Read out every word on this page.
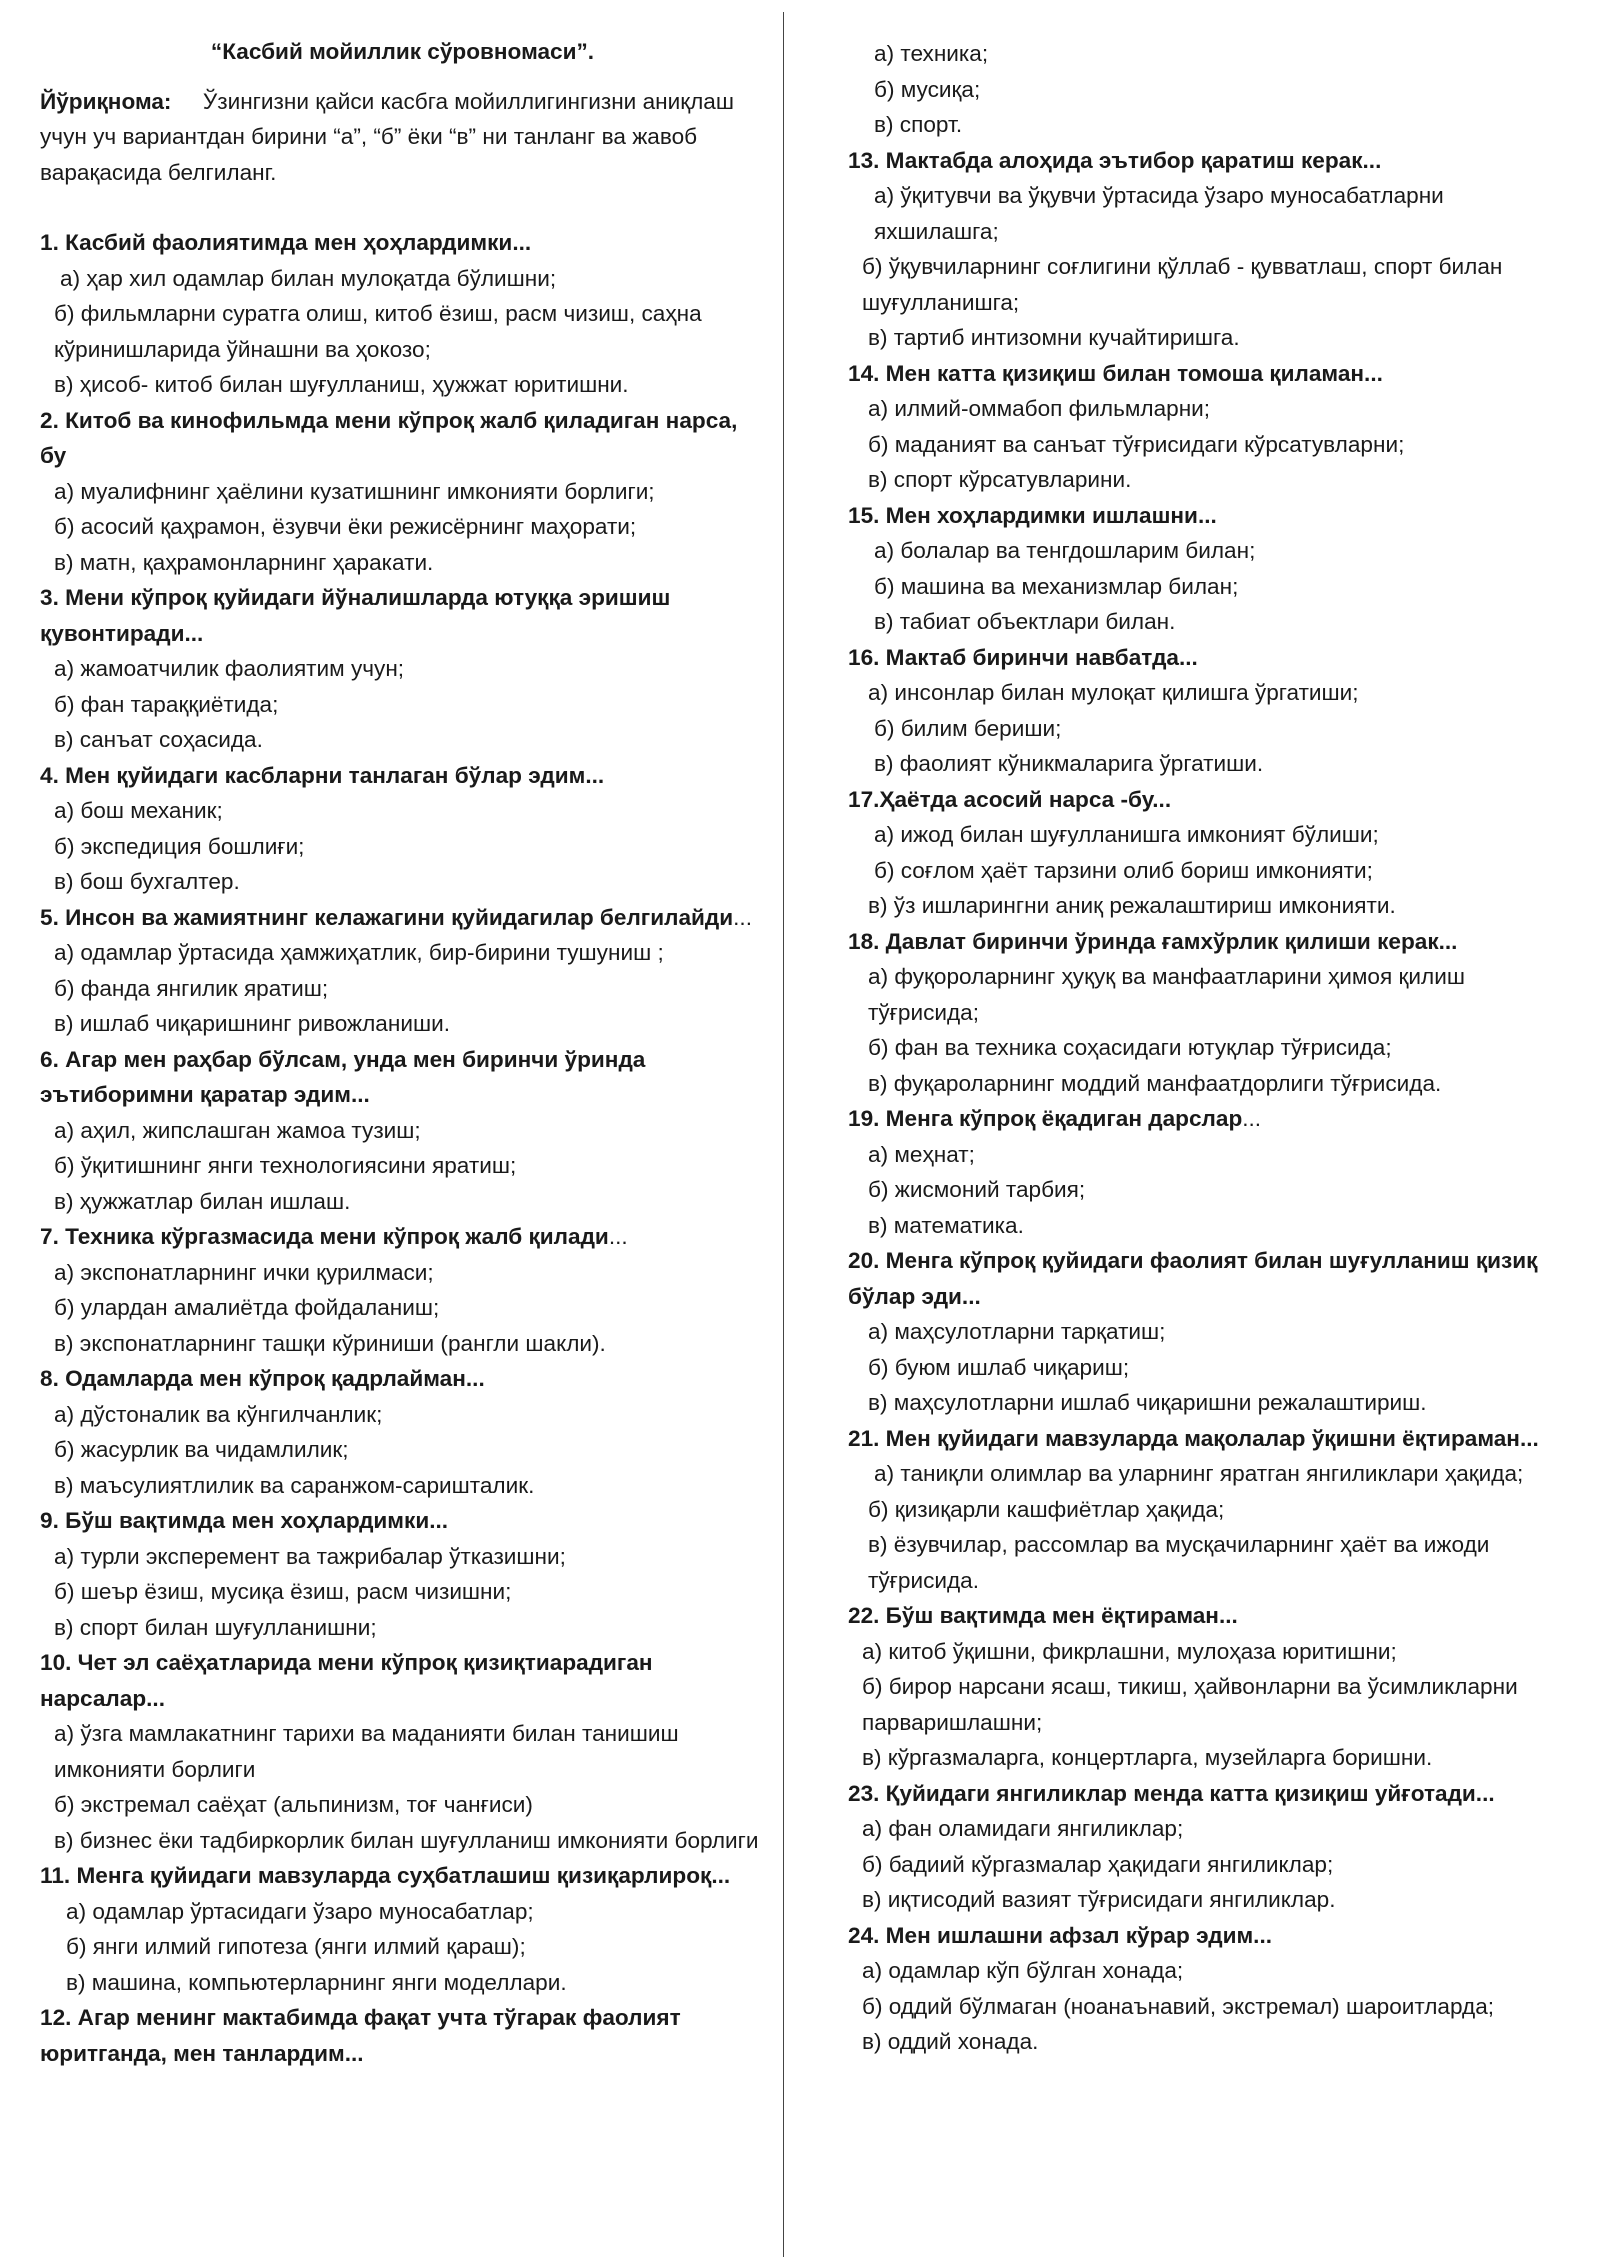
“Касбий мойиллик сўровномаси”.
Йўриқнома: Ўзингизни қайси касбга мойиллигингизни аниқлаш учун уч вариантдан бирини “а”, “б” ёки “в” ни танланг ва жавоб варақасида белгиланг.
1. Касбий фаолиятимда мен ҳоҳлардимки...
а) ҳар хил одамлар билан мулоқатда бўлишни;
б) фильмларни суратга олиш, китоб ёзиш, расм чизиш, саҳна кўринишларида ўйнашни ва ҳокозо;
в) ҳисоб- китоб билан шуғулланиш, ҳужжат юритишни.
2. Китоб ва кинофильмда мени кўпроқ жалб қиладиган нарса, бу
а) муалифнинг ҳаёлини кузатишнинг имконияти борлиги;
б) асосий қаҳрамон, ёзувчи ёки режисёрнинг маҳорати;
в) матн, қаҳрамонларнинг ҳаракати.
3. Мени кўпроқ қуйидаги йўналишларда ютуққа эришиш қувонтиради...
а) жамоатчилик фаолиятим учун;
б) фан тараққиётида;
в) санъат соҳасида.
4. Мен қуйидаги касбларни танлаган бўлар эдим...
а) бош механик;
б) экспедиция бошлиғи;
в) бош бухгалтер.
5. Инсон ва жамиятнинг келажагини қуйидагилар белгилайди...
а) одамлар ўртасида ҳамжиҳатлик, бир-бирини тушуниш ;
б) фанда янгилик яратиш;
в) ишлаб чиқаришнинг ривожланиши.
6. Агар мен раҳбар бўлсам, унда мен биринчи ўринда эътиборимни қаратар эдим...
а) аҳил, жипслашган жамоа тузиш;
б) ўқитишнинг янги технологиясини яратиш;
в) ҳужжатлар билан ишлаш.
7. Техника кўргазмасида мени кўпроқ жалб қилади...
а) экспонатларнинг ички қурилмаси;
б) улардан амалиётда фойдаланиш;
в) экспонатларнинг ташқи кўриниши (рангли шакли).
8. Одамларда мен кўпроқ қадрлайман...
а) дўстоналик ва кўнгилчанлик;
б) жасурлик ва чидамлилик;
в) маъсулиятлилик ва саранжом-саришталик.
9. Бўш вақтимда мен хоҳлардимки...
а) турли эксперемент ва тажрибалар ўтказишни;
б) шеър ёзиш, мусиқа ёзиш, расм чизишни;
в) спорт билан шуғулланишни;
10. Чет эл саёҳатларида мени кўпроқ қизиқтиарадиган нарсалар...
а) ўзга мамлакатнинг тарихи ва маданияти билан танишиш имконияти борлиги
б) экстремал саёҳат (альпинизм, тоғ чанғиси)
в) бизнес ёки тадбиркорлик билан шуғулланиш имконияти борлиги
11. Менга қуйидаги мавзуларда суҳбатлашиш қизиқарлироқ...
а) одамлар ўртасидаги ўзаро муносабатлар;
б) янги илмий гипотеза (янги илмий қараш);
в) машина, компьютерларнинг янги моделлари.
12. Агар менинг мактабимда фақат учта тўгарак фаолият юритганда, мен танлардим...
а) техника;
б) мусиқа;
в) спорт.
13. Мактабда алоҳида эътибор қаратиш керак...
а) ўқитувчи ва ўқувчи ўртасида ўзаро муносабатларни яхшилашга;
б) ўқувчиларнинг соғлигини қўллаб - қувватлаш, спорт билан шуғулланишга;
в) тартиб интизомни кучайтиришга.
14. Мен катта қизиқиш билан томоша қиламан...
а) илмий-оммабоп фильмларни;
б) маданият ва санъат тўғрисидаги кўрсатувларни;
в) спорт кўрсатувларини.
15. Мен хоҳлардимки ишлашни...
а) болалар ва тенгдошларим билан;
б) машина ва механизмлар билан;
в) табиат объектлари билан.
16. Мактаб биринчи навбатда...
а) инсонлар билан мулоқат қилишга ўргатиши;
б) билим бериши;
в) фаолият кўникмаларига ўргатиши.
17.Ҳаётда асосий нарса -бу...
а) ижод билан шуғулланишга имконият бўлиши;
б) соғлом ҳаёт тарзини олиб бориш имконияти;
в) ўз ишларингни аниқ режалаштириш имконияти.
18. Давлат биринчи ўринда ғамхўрлик қилиши керак...
а) фуқороларнинг ҳуқуқ ва манфаатларини ҳимоя қилиш тўғрисида;
б) фан ва техника соҳасидаги ютуқлар тўғрисида;
в) фуқароларнинг моддий манфаатдорлиги тўғрисида.
19. Менга кўпроқ ёқадиган дарслар...
а) меҳнат;
б) жисмоний тарбия;
в) математика.
20. Менга кўпроқ қуйидаги фаолият билан шуғулланиш қизиқ бўлар эди...
а) маҳсулотларни тарқатиш;
б) буюм ишлаб чиқариш;
в) маҳсулотларни ишлаб чиқаришни режалаштириш.
21. Мен қуйидаги мавзуларда мақолалар ўқишни ёқтираман...
а) таниқли олимлар ва уларнинг яратган янгиликлари ҳақида;
б) қизиқарли кашфиётлар ҳақида;
в) ёзувчилар, рассомлар ва мусқачиларнинг ҳаёт ва ижоди тўғрисида.
22. Бўш вақтимда мен ёқтираман...
а) китоб ўқишни, фикрлашни, мулоҳаза юритишни;
б) бирор нарсани ясаш, тикиш, ҳайвонларни ва ўсимликларни парваришлашни;
в) кўргазмаларга, концертларга, музейларга боришни.
23. Қуйидаги янгиликлар менда катта қизиқиш уйғотади...
а) фан оламидаги янгиликлар;
б) бадиий кўргазмалар ҳақидаги янгиликлар;
в) иқтисодий вазият тўғрисидаги янгиликлар.
24. Мен ишлашни афзал кўрар эдим...
а) одамлар кўп бўлган хонада;
б) оддий бўлмаган (ноанаънавий, экстремал) шароитларда;
в) оддий хонада.
